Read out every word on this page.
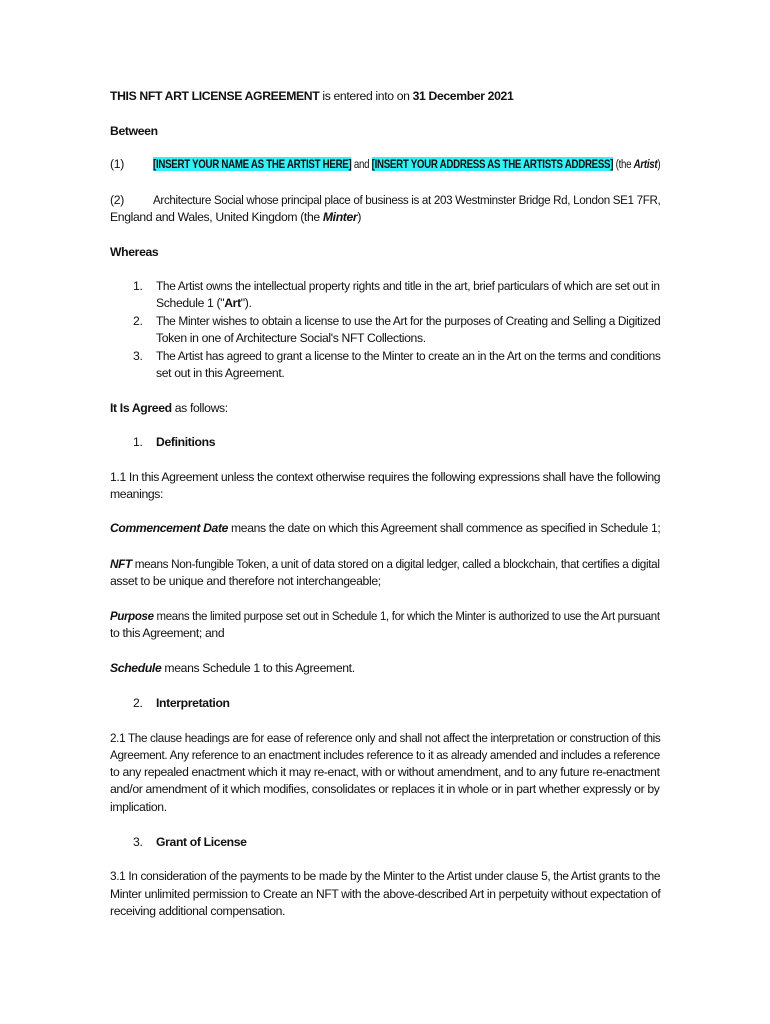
THIS NFT ART LICENSE AGREEMENT is entered into on 31 December 2021
Between
(1) [INSERT YOUR NAME AS THE ARTIST HERE] and [INSERT YOUR ADDRESS AS THE ARTISTS ADDRESS] (the Artist)
(2) Architecture Social whose principal place of business is at 203 Westminster Bridge Rd, London SE1 7FR,
England and Wales, United Kingdom (the Minter)
Whereas
1. The Artist owns the intellectual property rights and title in the art, brief particulars of which are set out in
Schedule 1 ("Art").
2. The Minter wishes to obtain a license to use the Art for the purposes of Creating and Selling a Digitized
Token in one of Architecture Social's NFT Collections.
3. The Artist has agreed to grant a license to the Minter to create an in the Art on the terms and conditions
set out in this Agreement.
It Is Agreed as follows:
1. Definitions
1.1 In this Agreement unless the context otherwise requires the following expressions shall have the following
meanings:
Commencement Date means the date on which this Agreement shall commence as specified in Schedule 1;
NFT means Non-fungible Token, a unit of data stored on a digital ledger, called a blockchain, that certifies a digital
asset to be unique and therefore not interchangeable;
Purpose means the limited purpose set out in Schedule 1, for which the Minter is authorized to use the Art pursuant
to this Agreement; and
Schedule means Schedule 1 to this Agreement.
2. Interpretation
2.1 The clause headings are for ease of reference only and shall not affect the interpretation or construction of this
Agreement. Any reference to an enactment includes reference to it as already amended and includes a reference
to any repealed enactment which it may re-enact, with or without amendment, and to any future re-enactment
and/or amendment of it which modifies, consolidates or replaces it in whole or in part whether expressly or by
implication.
3. Grant of License
3.1 In consideration of the payments to be made by the Minter to the Artist under clause 5, the Artist grants to the
Minter unlimited permission to Create an NFT with the above-described Art in perpetuity without expectation of
receiving additional compensation.
